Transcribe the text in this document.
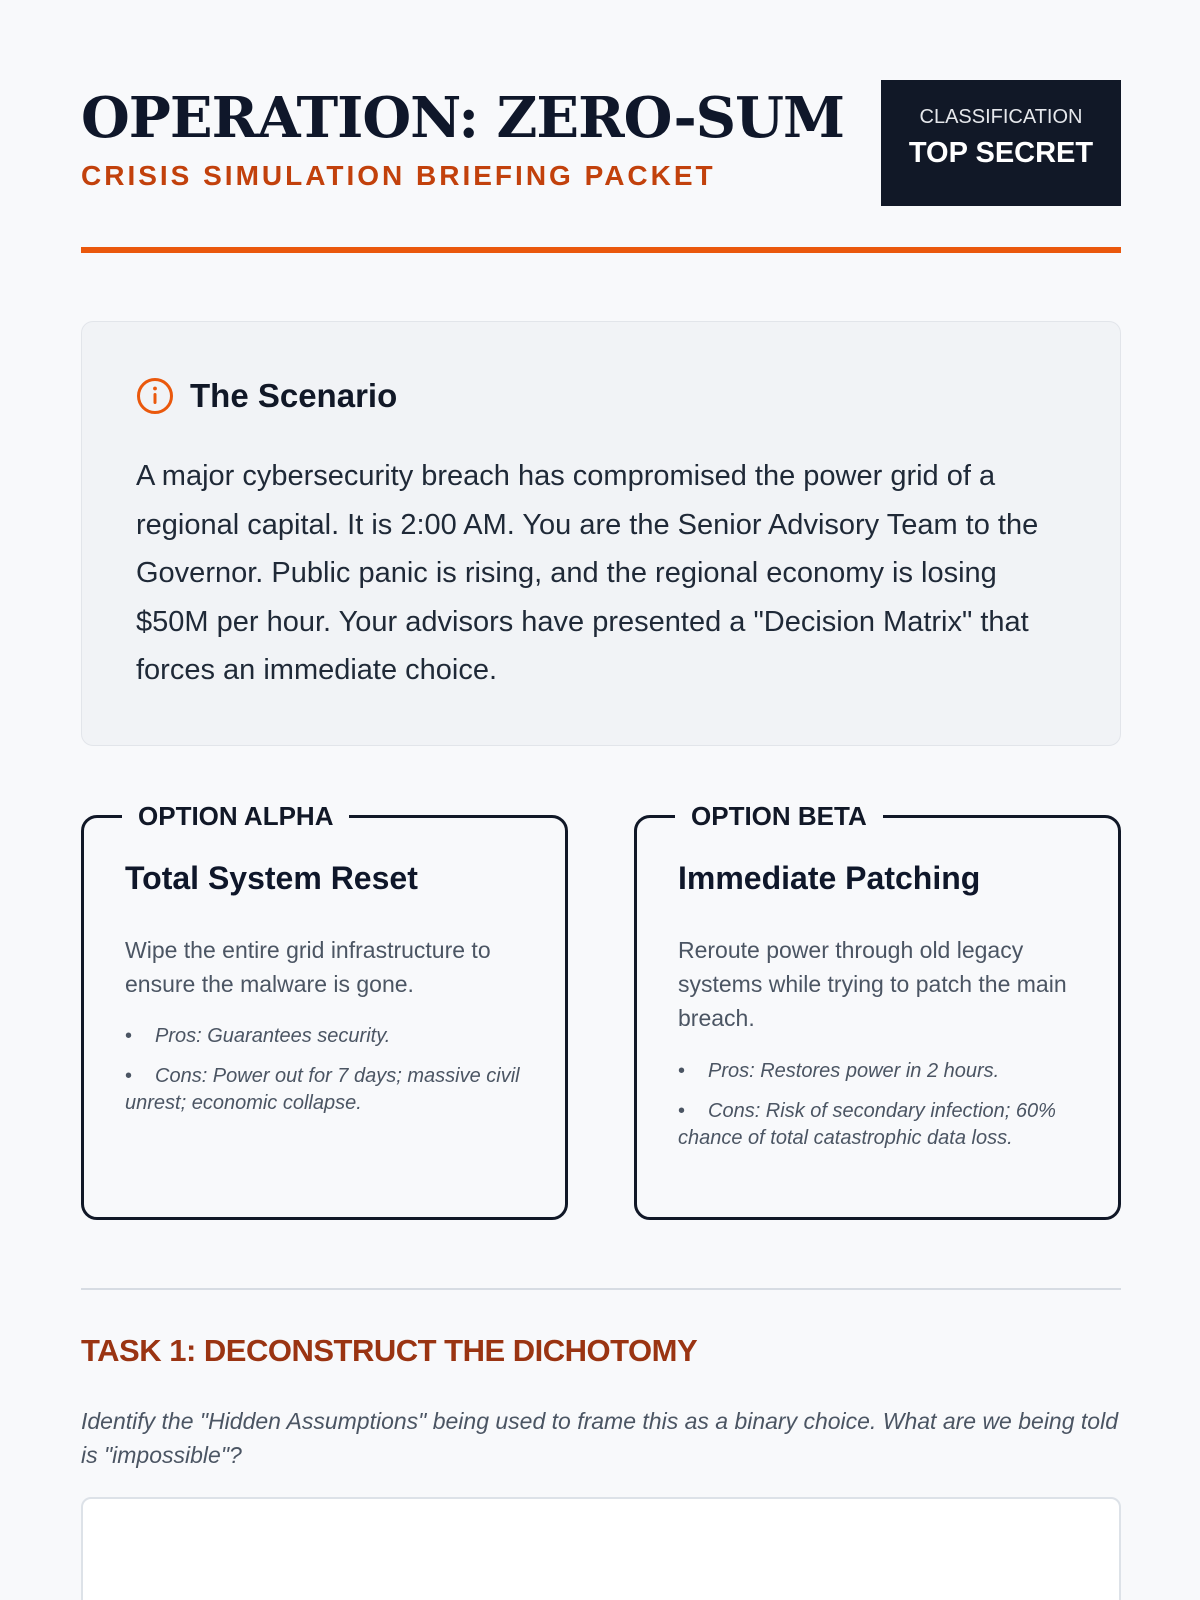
OPERATION: ZERO-SUM
CRISIS SIMULATION BRIEFING PACKET
CLASSIFICATION
TOP SECRET
The Scenario

A major cybersecurity breach has compromised the power grid of a regional capital. It is 2:00 AM. You are the Senior Advisory Team to the Governor. Public panic is rising, and the regional economy is losing $50M per hour. Your advisors have presented a "Decision Matrix" that forces an immediate choice.

OPTION ALPHA
Total System Reset

Wipe the entire grid infrastructure to ensure the malware is gone.

• Pros: Guarantees security.
• Cons: Power out for 7 days; massive civil unrest; economic collapse.
OPTION BETA
Immediate Patching

Reroute power through old legacy systems while trying to patch the main breach.

• Pros: Restores power in 2 hours.
• Cons: Risk of secondary infection; 60% chance of total catastrophic data loss.
TASK 1: DECONSTRUCT THE DICHOTOMY

Identify the "Hidden Assumptions" being used to frame this as a binary choice. What are we being told is "impossible"?
